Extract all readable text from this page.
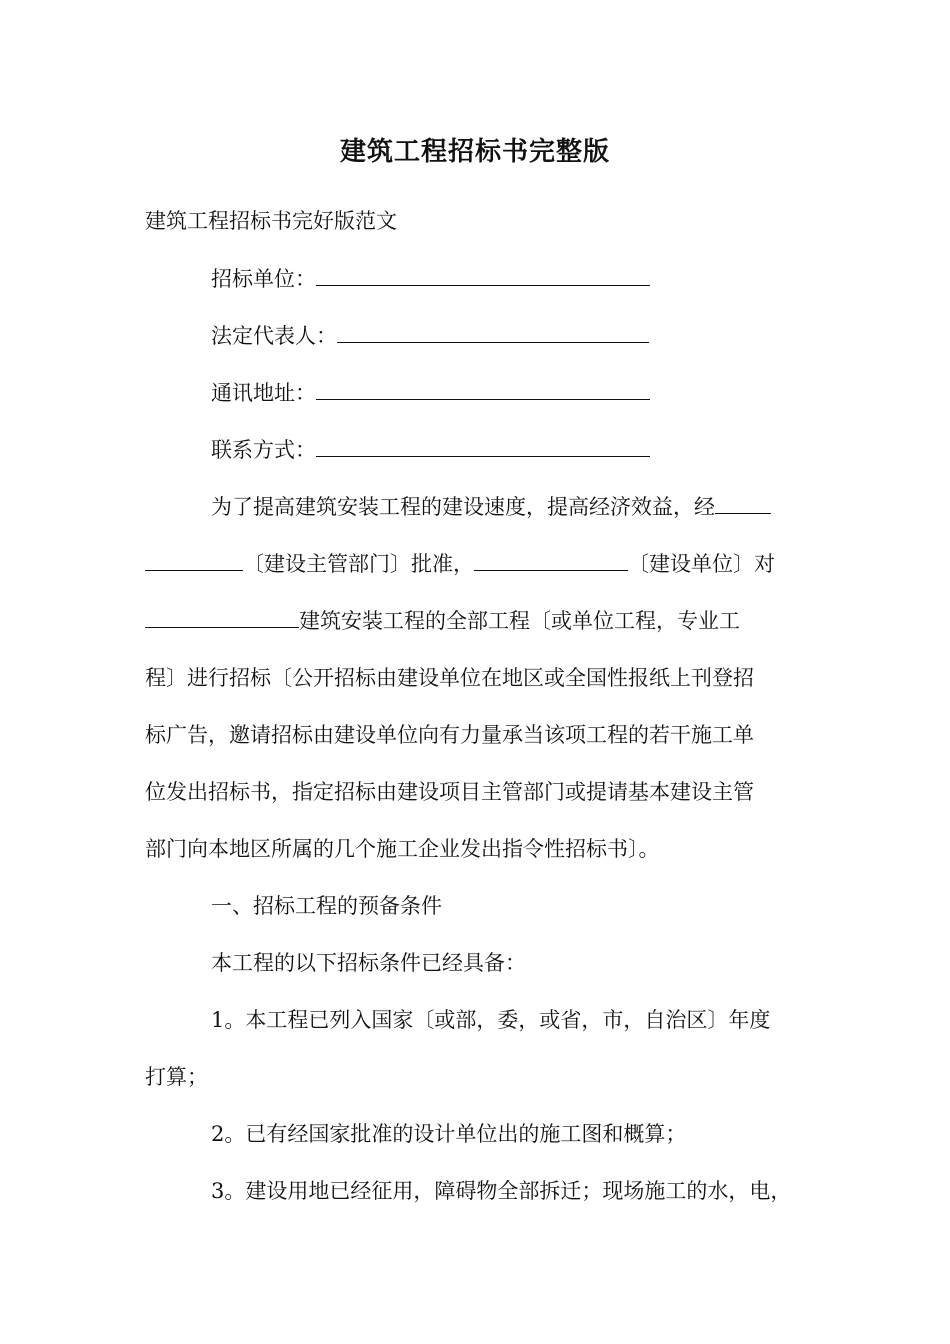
建筑工程招标书完整版
建筑工程招标书完好版范文
招标单位：
法定代表人：
通讯地址：
联系方式：
为了提高建筑安装工程的建设速度，提高经济效益，经
〔建设主管部门〕批准，	〔建设单位〕对
建筑安装工程的全部工程〔或单位工程，专业工
程〕进行招标〔公开招标由建设单位在地区或全国性报纸上刊登招
标广告，邀请招标由建设单位向有力量承当该项工程的若干施工单
位发出招标书，指定招标由建设项目主管部门或提请基本建设主管
部门向本地区所属的几个施工企业发出指令性招标书〕。
一、招标工程的预备条件
本工程的以下招标条件已经具备：
1。本工程已列入国家〔或部，委，或省，市，自治区〕年度
打算；
2。已有经国家批准的设计单位出的施工图和概算；
3。建设用地已经征用，障碍物全部拆迁；现场施工的水，电，
